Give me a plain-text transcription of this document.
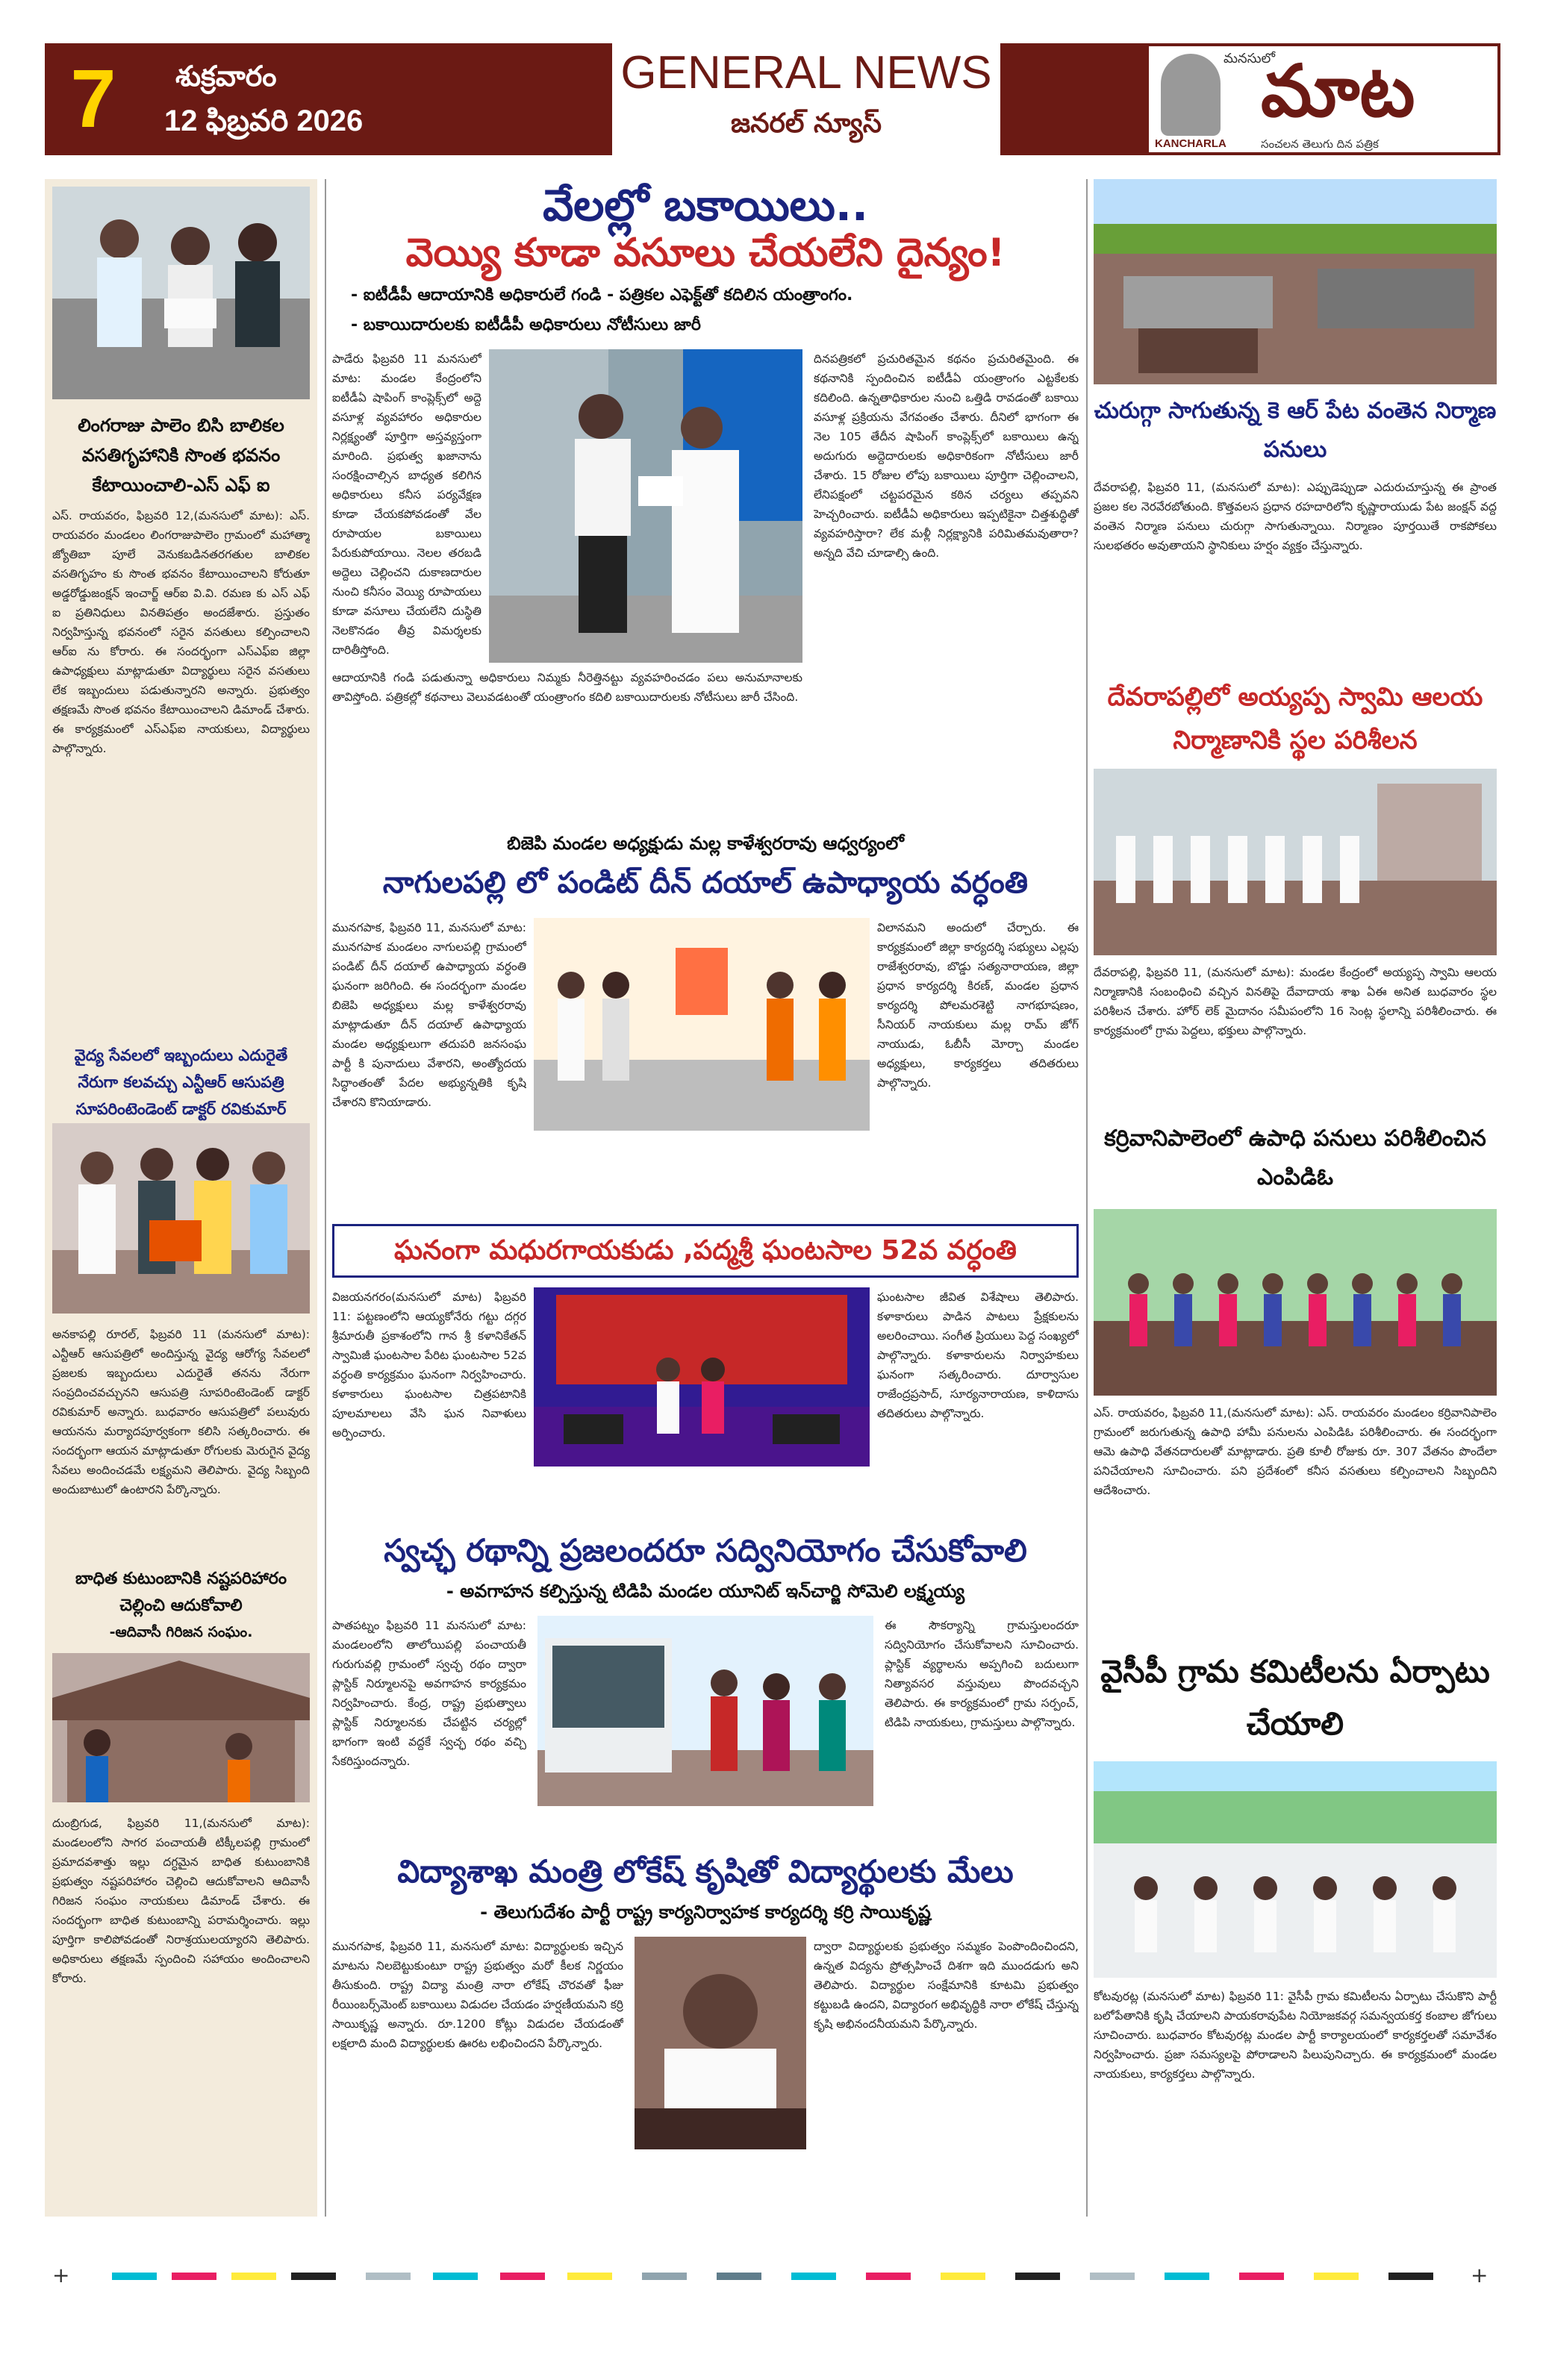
7	శుక్రవారం
12 ఫిబ్రవరి 2026
GENERAL NEWS
జనరల్ న్యూస్
మనసులో
మాట
KANCHARLA	సంచలన తెలుగు దిన పత్రిక
లింగరాజు పాలెం బిసి బాలికల వసతిగృహానికి సొంత భవనం కేటాయించాలి-ఎస్ ఎఫ్ ఐ
ఎస్. రాయవరం, ఫిబ్రవరి 12,(మనసులో మాట): ఎస్. రాయవరం మండలం లింగరాజుపాలెం గ్రామంలో మహాత్మా జ్యోతిబా పూలే వెనుకబడినతరగతుల బాలికల వసతిగృహం కు సొంత భవనం కేటాయించాలని కోరుతూ అడ్డరోడ్డుజంక్షన్ ఇంచార్జ్ ఆర్ఐ వి.వి. రమణ కు ఎస్ ఎఫ్ ఐ ప్రతినిధులు వినతిపత్రం అందజేశారు. ప్రస్తుతం నిర్వహిస్తున్న భవనంలో సరైన వసతులు కల్పించాలని ఆర్ఐ ను కోరారు. ఈ సందర్భంగా ఎస్ఎఫ్ఐ జిల్లా ఉపాధ్యక్షులు మాట్లాడుతూ విద్యార్థులు సరైన వసతులు లేక ఇబ్బందులు పడుతున్నారని అన్నారు. ప్రభుత్వం తక్షణమే సొంత భవనం కేటాయించాలని డిమాండ్ చేశారు. ఈ కార్యక్రమంలో ఎస్ఎఫ్ఐ నాయకులు, విద్యార్థులు పాల్గొన్నారు.
వైద్య సేవలలో ఇబ్బందులు ఎదురైతే నేరుగా కలవచ్చు ఎన్టీఆర్ ఆసుపత్రి సూపరింటెండెంట్ డాక్టర్ రవికుమార్
అనకాపల్లి రూరల్, ఫిబ్రవరి 11 (మనసులో మాట): ఎన్టీఆర్ ఆసుపత్రిలో అందిస్తున్న వైద్య ఆరోగ్య సేవలలో ప్రజలకు ఇబ్బందులు ఎదురైతే తనను నేరుగా సంప్రదించవచ్చునని ఆసుపత్రి సూపరింటెండెంట్ డాక్టర్ రవికుమార్ అన్నారు. బుధవారం ఆసుపత్రిలో పలువురు ఆయనను మర్యాదపూర్వకంగా కలిసి సత్కరించారు. ఈ సందర్భంగా ఆయన మాట్లాడుతూ రోగులకు మెరుగైన వైద్య సేవలు అందించడమే లక్ష్యమని తెలిపారు. వైద్య సిబ్బంది అందుబాటులో ఉంటారని పేర్కొన్నారు.
బాధిత కుటుంబానికి నష్టపరిహారం చెల్లించి ఆదుకోవాలి
-ఆదివాసీ గిరిజన సంఘం.
దుంబ్రిగుడ, ఫిబ్రవరి 11,(మనసులో మాట): మండలంలోని సాగర పంచాయతీ టిక్కీలపల్లి గ్రామంలో ప్రమాదవశాత్తు ఇల్లు దగ్ధమైన బాధిత కుటుంబానికి ప్రభుత్వం నష్టపరిహారం చెల్లించి ఆదుకోవాలని ఆదివాసీ గిరిజన సంఘం నాయకులు డిమాండ్ చేశారు. ఈ సందర్భంగా బాధిత కుటుంబాన్ని పరామర్శించారు. ఇల్లు పూర్తిగా కాలిపోవడంతో నిరాశ్రయులయ్యారని తెలిపారు. అధికారులు తక్షణమే స్పందించి సహాయం అందించాలని కోరారు.
వేలల్లో బకాయిలు..
వెయ్యి కూడా వసూలు చేయలేని దైన్యం!
- ఐటీడీపీ ఆదాయానికి అధికారులే గండి - పత్రికల ఎఫెక్ట్‌తో కదిలిన యంత్రాంగం.
- బకాయిదారులకు ఐటీడీపీ అధికారులు నోటీసులు జారీ
పాడేరు ఫిబ్రవరి 11 మనసులో మాట: మండల కేంద్రంలోని ఐటీడీఏ షాపింగ్ కాంప్లెక్స్‌లో అద్దె వసూళ్ల వ్యవహారం అధికారుల నిర్లక్ష్యంతో పూర్తిగా అస్తవ్యస్తంగా మారింది. ప్రభుత్వ ఖజానాను సంరక్షించాల్సిన బాధ్యత కలిగిన అధికారులు కనీస పర్యవేక్షణ కూడా చేయకపోవడంతో వేల రూపాయల బకాయిలు పేరుకుపోయాయి. నెలల తరబడి అద్దెలు చెల్లించని దుకాణదారుల నుంచి కనీసం వెయ్యి రూపాయలు కూడా వసూలు చేయలేని దుస్థితి నెలకొనడం తీవ్ర విమర్శలకు దారితీస్తోంది.
ఆదాయానికి గండి పడుతున్నా అధికారులు నిమ్మకు నీరెత్తినట్టు వ్యవహరించడం పలు అనుమానాలకు తావిస్తోంది. పత్రికల్లో కథనాలు వెలువడటంతో యంత్రాంగం కదిలి బకాయిదారులకు నోటీసులు జారీ చేసింది.
దినపత్రికలో ప్రచురితమైన కథనం ప్రచురితమైంది. ఈ కథనానికి స్పందించిన ఐటీడీఏ యంత్రాంగం ఎట్టకేలకు కదిలింది. ఉన్నతాధికారుల నుంచి ఒత్తిడి రావడంతో బకాయి వసూళ్ల ప్రక్రియను వేగవంతం చేశారు. దీనిలో భాగంగా ఈ నెల 105 తేదీన షాపింగ్ కాంప్లెక్స్‌లో బకాయిలు ఉన్న అదుగురు అద్దెదారులకు అధికారికంగా నోటీసులు జారీ చేశారు. 15 రోజుల లోపు బకాయిలు పూర్తిగా చెల్లించాలని, లేనిపక్షంలో చట్టపరమైన కఠిన చర్యలు తప్పవని హెచ్చరించారు. ఐటీడీఏ అధికారులు ఇప్పటికైనా చిత్తశుద్ధితో వ్యవహరిస్తారా? లేక మళ్లీ నిర్లక్ష్యానికి పరిమితమవుతారా? అన్నది వేచి చూడాల్సి ఉంది.
బిజెపి మండల అధ్యక్షుడు మల్ల కాళేశ్వరరావు ఆధ్వర్యంలో
నాగులపల్లి లో పండిట్ దీన్ దయాల్ ఉపాధ్యాయ వర్ధంతి
మునగపాక, ఫిబ్రవరి 11, మనసులో మాట: మునగపాక మండలం నాగులపల్లి గ్రామంలో పండిట్ దీన్ దయాల్ ఉపాధ్యాయ వర్ధంతి ఘనంగా జరిగింది. ఈ సందర్భంగా మండల బిజెపి అధ్యక్షులు మల్ల కాళేశ్వరరావు మాట్లాడుతూ దీన్ దయాల్ ఉపాధ్యాయ మండల అధ్యక్షులుగా తదుపరి జనసంఘ పార్టీ కి పునాదులు వేశారని, అంత్యోదయ సిద్ధాంతంతో పేదల అభ్యున్నతికి కృషి చేశారని కొనియాడారు.
విలానమని అందులో చేర్చారు. ఈ కార్యక్రమంలో జిల్లా కార్యదర్శి సభ్యులు ఎల్లపు రాజేశ్వరరావు, బొడ్డు సత్యనారాయణ, జిల్లా ప్రధాన కార్యదర్శి కిరణ్, మండల ప్రధాన కార్యదర్శి పోలమరశెట్టి నాగభూషణం, సీనియర్ నాయకులు మల్ల రామ్ జోగ్ నాయుడు, ఓబీసీ మోర్చా మండల అధ్యక్షులు, కార్యకర్తలు తదితరులు పాల్గొన్నారు.
ఘనంగా మధురగాయకుడు ,పద్మశ్రీ ఘంటసాల 52వ వర్ధంతి
విజయనగరం(మనసులో మాట) ఫిబ్రవరి 11: పట్టణంలోని ఆయ్యకోనేరు గట్టు దగ్గర శ్రీమారుతీ ప్రకాశంలోని గాన శ్రీ కళానికేతన్ స్వామిజీ ఘంటసాల పేరిట ఘంటసాల 52వ వర్ధంతి కార్యక్రమం ఘనంగా నిర్వహించారు. కళాకారులు ఘంటసాల చిత్రపటానికి పూలమాలలు వేసి ఘన నివాళులు అర్పించారు.
ఘంటసాల జీవిత విశేషాలు తెలిపారు. కళాకారులు పాడిన పాటలు ప్రేక్షకులను అలరించాయి. సంగీత ప్రియులు పెద్ద సంఖ్యలో పాల్గొన్నారు. కళాకారులను నిర్వాహకులు ఘనంగా సత్కరించారు. దూర్వాసుల రాజేంద్రప్రసాద్, సూర్యనారాయణ, కాళిదాసు తదితరులు పాల్గొన్నారు.
స్వచ్ఛ రథాన్ని ప్రజలందరూ సద్వినియోగం చేసుకోవాలి
- అవగాహన కల్పిస్తున్న టిడిపి మండల యూనిట్ ఇన్‌చార్జి సోమెలి లక్ష్మయ్య
పాతపట్నం ఫిబ్రవరి 11 మనసులో మాట: మండలంలోని తాలోయిపల్లి పంచాయతీ గురుగువల్లి గ్రామంలో స్వచ్ఛ రథం ద్వారా ప్లాస్టిక్ నిర్మూలనపై అవగాహన కార్యక్రమం నిర్వహించారు. కేంద్ర, రాష్ట్ర ప్రభుత్వాలు ప్లాస్టిక్ నిర్మూలనకు చేపట్టిన చర్యల్లో భాగంగా ఇంటి వద్దకే స్వచ్ఛ రథం వచ్చి సేకరిస్తుందన్నారు.
ఈ సౌకర్యాన్ని గ్రామస్తులందరూ సద్వినియోగం చేసుకోవాలని సూచించారు. ప్లాస్టిక్ వ్యర్థాలను అప్పగించి బదులుగా నిత్యావసర వస్తువులు పొందవచ్చని తెలిపారు. ఈ కార్యక్రమంలో గ్రామ సర్పంచ్, టిడిపి నాయకులు, గ్రామస్తులు పాల్గొన్నారు.
విద్యాశాఖ మంత్రి లోకేష్ కృషితో విద్యార్థులకు మేలు
- తెలుగుదేశం పార్టీ రాష్ట్ర కార్యనిర్వాహక కార్యదర్శి కర్రి సాయికృష్ణ
మునగపాక, ఫిబ్రవరి 11, మనసులో మాట: విద్యార్థులకు ఇచ్చిన మాటను నిలబెట్టుకుంటూ రాష్ట్ర ప్రభుత్వం మరో కీలక నిర్ణయం తీసుకుంది. రాష్ట్ర విద్యా మంత్రి నారా లోకేష్ చొరవతో ఫీజు రీయింబర్స్‌మెంట్ బకాయిలు విడుదల చేయడం హర్షణీయమని కర్రి సాయికృష్ణ అన్నారు. రూ.1200 కోట్లు విడుదల చేయడంతో లక్షలాది మంది విద్యార్థులకు ఊరట లభించిందని పేర్కొన్నారు.
ద్వారా విద్యార్థులకు ప్రభుత్వం సమ్మకం పెంపొందించిందని, ఉన్నత విద్యను ప్రోత్సహించే దిశగా ఇది ముందడుగు అని తెలిపారు. విద్యార్థుల సంక్షేమానికి కూటమి ప్రభుత్వం కట్టుబడి ఉందని, విద్యారంగ అభివృద్ధికి నారా లోకేష్ చేస్తున్న కృషి అభినందనీయమని పేర్కొన్నారు.
చురుగ్గా సాగుతున్న కె ఆర్ పేట వంతెన నిర్మాణ పనులు
దేవరాపల్లి, ఫిబ్రవరి 11, (మనసులో మాట): ఎప్పుడెప్పుడా ఎదురుచూస్తున్న ఈ ప్రాంత ప్రజల కల నెరవేరబోతుంది. కొత్తవలస ప్రధాన రహదారిలోని కృష్ణారాయుడు పేట జంక్షన్ వద్ద వంతెన నిర్మాణ పనులు చురుగ్గా సాగుతున్నాయి. నిర్మాణం పూర్తయితే రాకపోకలు సులభతరం అవుతాయని స్థానికులు హర్షం వ్యక్తం చేస్తున్నారు.
దేవరాపల్లిలో అయ్యప్ప స్వామి ఆలయ నిర్మాణానికి స్థల పరిశీలన
దేవరాపల్లి, ఫిబ్రవరి 11, (మనసులో మాట): మండల కేంద్రంలో అయ్యప్ప స్వామి ఆలయ నిర్మాణానికి సంబంధించి వచ్చిన వినతిపై దేవాదాయ శాఖ ఏఈ అనిత బుధవారం స్థల పరిశీలన చేశారు. హోర్ లెక్ మైదానం సమీపంలోని 16 సెంట్ల స్థలాన్ని పరిశీలించారు. ఈ కార్యక్రమంలో గ్రామ పెద్దలు, భక్తులు పాల్గొన్నారు.
కర్రివానిపాలెంలో ఉపాధి పనులు పరిశీలించిన ఎంపిడిఓ
ఎస్. రాయవరం, ఫిబ్రవరి 11,(మనసులో మాట): ఎస్. రాయవరం మండలం కర్రివానిపాలెం గ్రామంలో జరుగుతున్న ఉపాధి హామీ పనులను ఎంపిడిఓ పరిశీలించారు. ఈ సందర్భంగా ఆమె ఉపాధి వేతనదారులతో మాట్లాడారు. ప్రతి కూలీ రోజుకు రూ. 307 వేతనం పొందేలా పనిచేయాలని సూచించారు. పని ప్రదేశంలో కనీస వసతులు కల్పించాలని సిబ్బందిని ఆదేశించారు.
వైసీపీ గ్రామ కమిటీలను ఏర్పాటు చేయాలి
కోటవురట్ల (మనసులో మాట) ఫిబ్రవరి 11: వైసీపీ గ్రామ కమిటీలను ఏర్పాటు చేసుకొని పార్టీ బలోపేతానికి కృషి చేయాలని పాయకరావుపేట నియోజకవర్గ సమన్వయకర్త కంబాల జోగులు సూచించారు. బుధవారం కోటవురట్ల మండల పార్టీ కార్యాలయంలో కార్యకర్తలతో సమావేశం నిర్వహించారు. ప్రజా సమస్యలపై పోరాడాలని పిలుపునిచ్చారు. ఈ కార్యక్రమంలో మండల నాయకులు, కార్యకర్తలు పాల్గొన్నారు.
+	+
